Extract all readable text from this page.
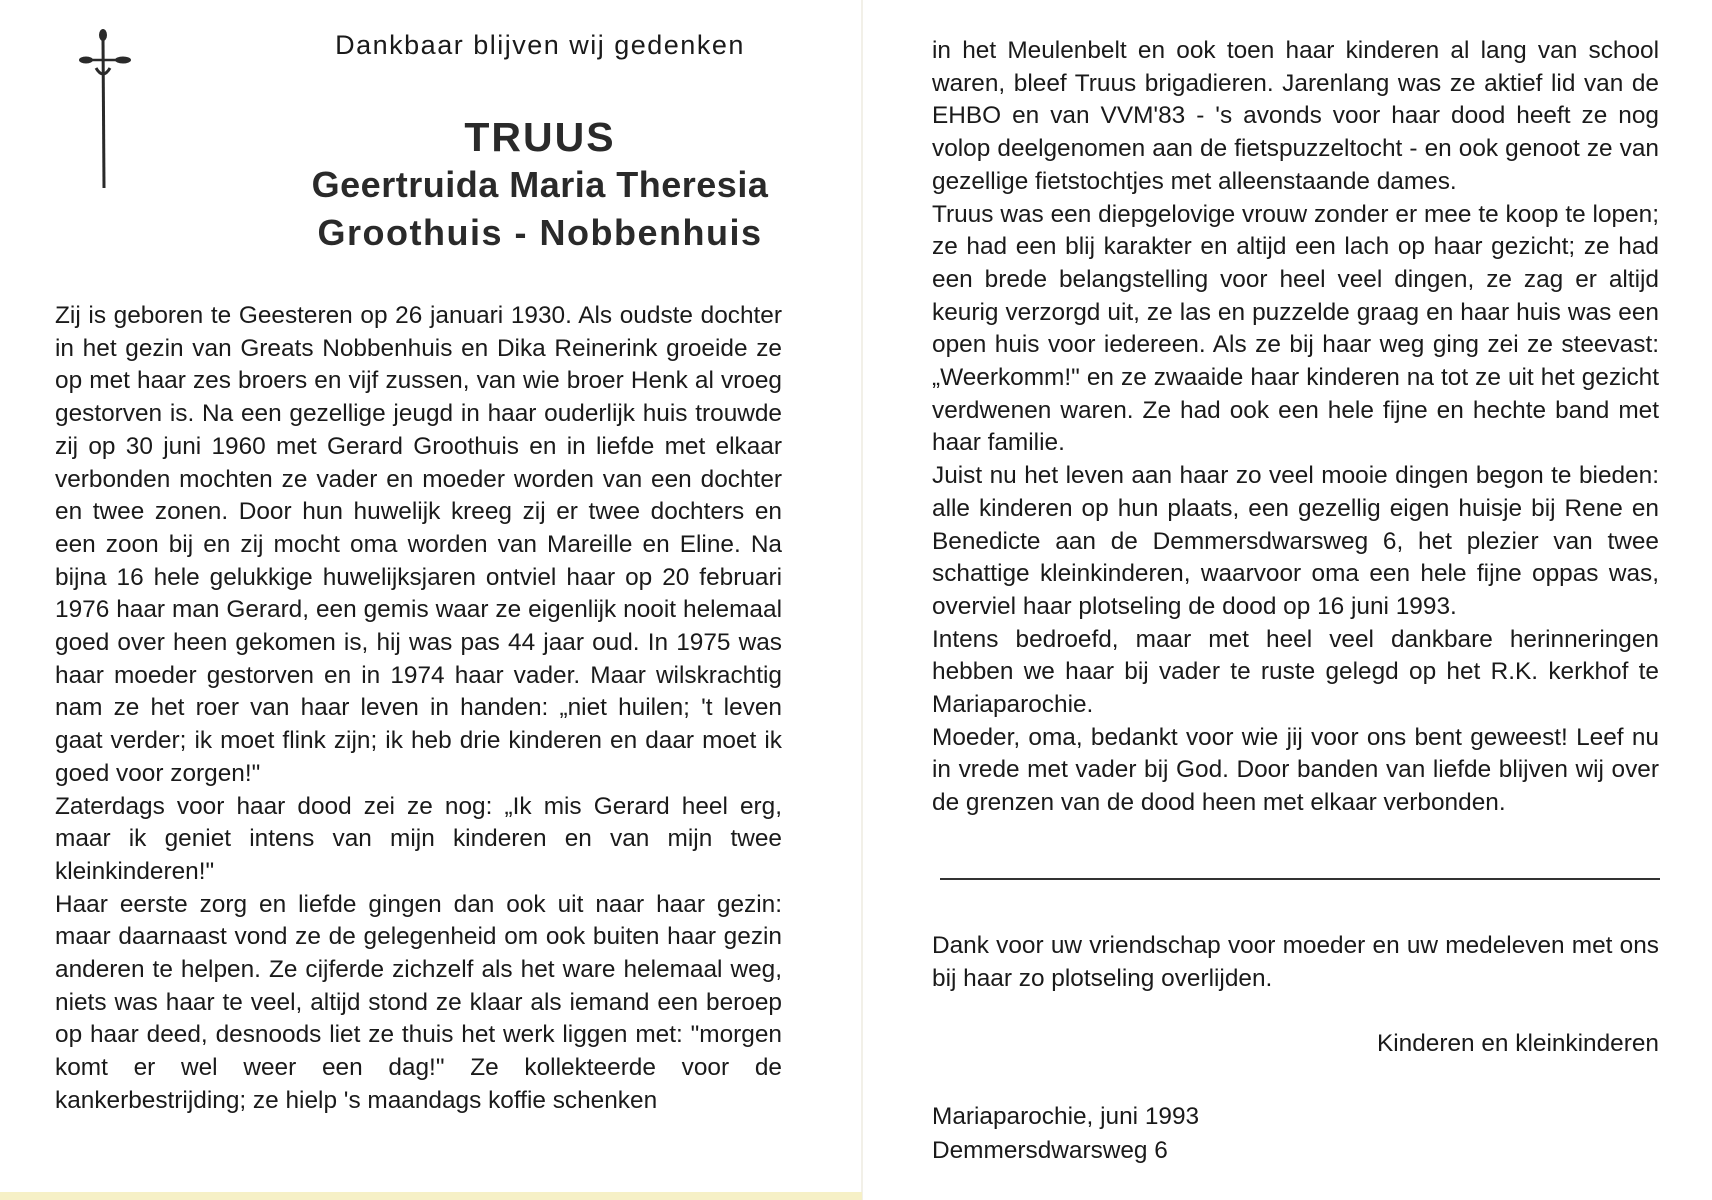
Dankbaar blijven wij gedenken

TRUUS
Geertruida Maria Theresia
Groothuis - Nobbenhuis

Zij is geboren te Geesteren op 26 januari 1930. Als oudste dochter in het gezin van Greats Nobbenhuis en Dika Reinerink groeide ze op met haar zes broers en vijf zussen, van wie broer Henk al vroeg gestorven is. Na een gezellige jeugd in haar ouderlijk huis trouwde zij op 30 juni 1960 met Gerard Groothuis en in liefde met elkaar verbonden mochten ze vader en moeder worden van een dochter en twee zonen. Door hun huwelijk kreeg zij er twee dochters en een zoon bij en zij mocht oma worden van Mareille en Eline. Na bijna 16 hele gelukkige huwelijksjaren ontviel haar op 20 februari 1976 haar man Gerard, een gemis waar ze eigenlijk nooit helemaal goed over heen gekomen is, hij was pas 44 jaar oud. In 1975 was haar moeder gestorven en in 1974 haar vader. Maar wilskrachtig nam ze het roer van haar leven in handen: „niet huilen; 't leven gaat verder; ik moet flink zijn; ik heb drie kinderen en daar moet ik goed voor zorgen!"

Zaterdags voor haar dood zei ze nog: „Ik mis Gerard heel erg, maar ik geniet intens van mijn kinderen en van mijn twee kleinkinderen!"

Haar eerste zorg en liefde gingen dan ook uit naar haar gezin: maar daarnaast vond ze de gelegenheid om ook buiten haar gezin anderen te helpen. Ze cijferde zichzelf als het ware helemaal weg, niets was haar te veel, altijd stond ze klaar als iemand een beroep op haar deed, desnoods liet ze thuis het werk liggen met: "morgen komt er wel weer een dag!" Ze kollekteerde voor de kankerbestrijding; ze hielp 's maandags koffie schenken

in het Meulenbelt en ook toen haar kinderen al lang van school waren, bleef Truus brigadieren. Jarenlang was ze aktief lid van de EHBO en van VVM'83 - 's avonds voor haar dood heeft ze nog volop deelgenomen aan de fietspuzzeltocht - en ook genoot ze van gezellige fietstochtjes met alleenstaande dames.

Truus was een diepgelovige vrouw zonder er mee te koop te lopen; ze had een blij karakter en altijd een lach op haar gezicht; ze had een brede belangstelling voor heel veel dingen, ze zag er altijd keurig verzorgd uit, ze las en puzzelde graag en haar huis was een open huis voor iedereen. Als ze bij haar weg ging zei ze steevast: „Weerkomm!" en ze zwaaide haar kinderen na tot ze uit het gezicht verdwenen waren. Ze had ook een hele fijne en hechte band met haar familie.

Juist nu het leven aan haar zo veel mooie dingen begon te bieden: alle kinderen op hun plaats, een gezellig eigen huisje bij Rene en Benedicte aan de Demmersdwarsweg 6, het plezier van twee schattige kleinkinderen, waarvoor oma een hele fijne oppas was, overviel haar plotseling de dood op 16 juni 1993.

Intens bedroefd, maar met heel veel dankbare herinneringen hebben we haar bij vader te ruste gelegd op het R.K. kerkhof te Mariaparochie.

Moeder, oma, bedankt voor wie jij voor ons bent geweest! Leef nu in vrede met vader bij God. Door banden van liefde blijven wij over de grenzen van de dood heen met elkaar verbonden.

Dank voor uw vriendschap voor moeder en uw medeleven met ons bij haar zo plotseling overlijden.

Kinderen en kleinkinderen

Mariaparochie, juni 1993
Demmersdwarsweg 6
